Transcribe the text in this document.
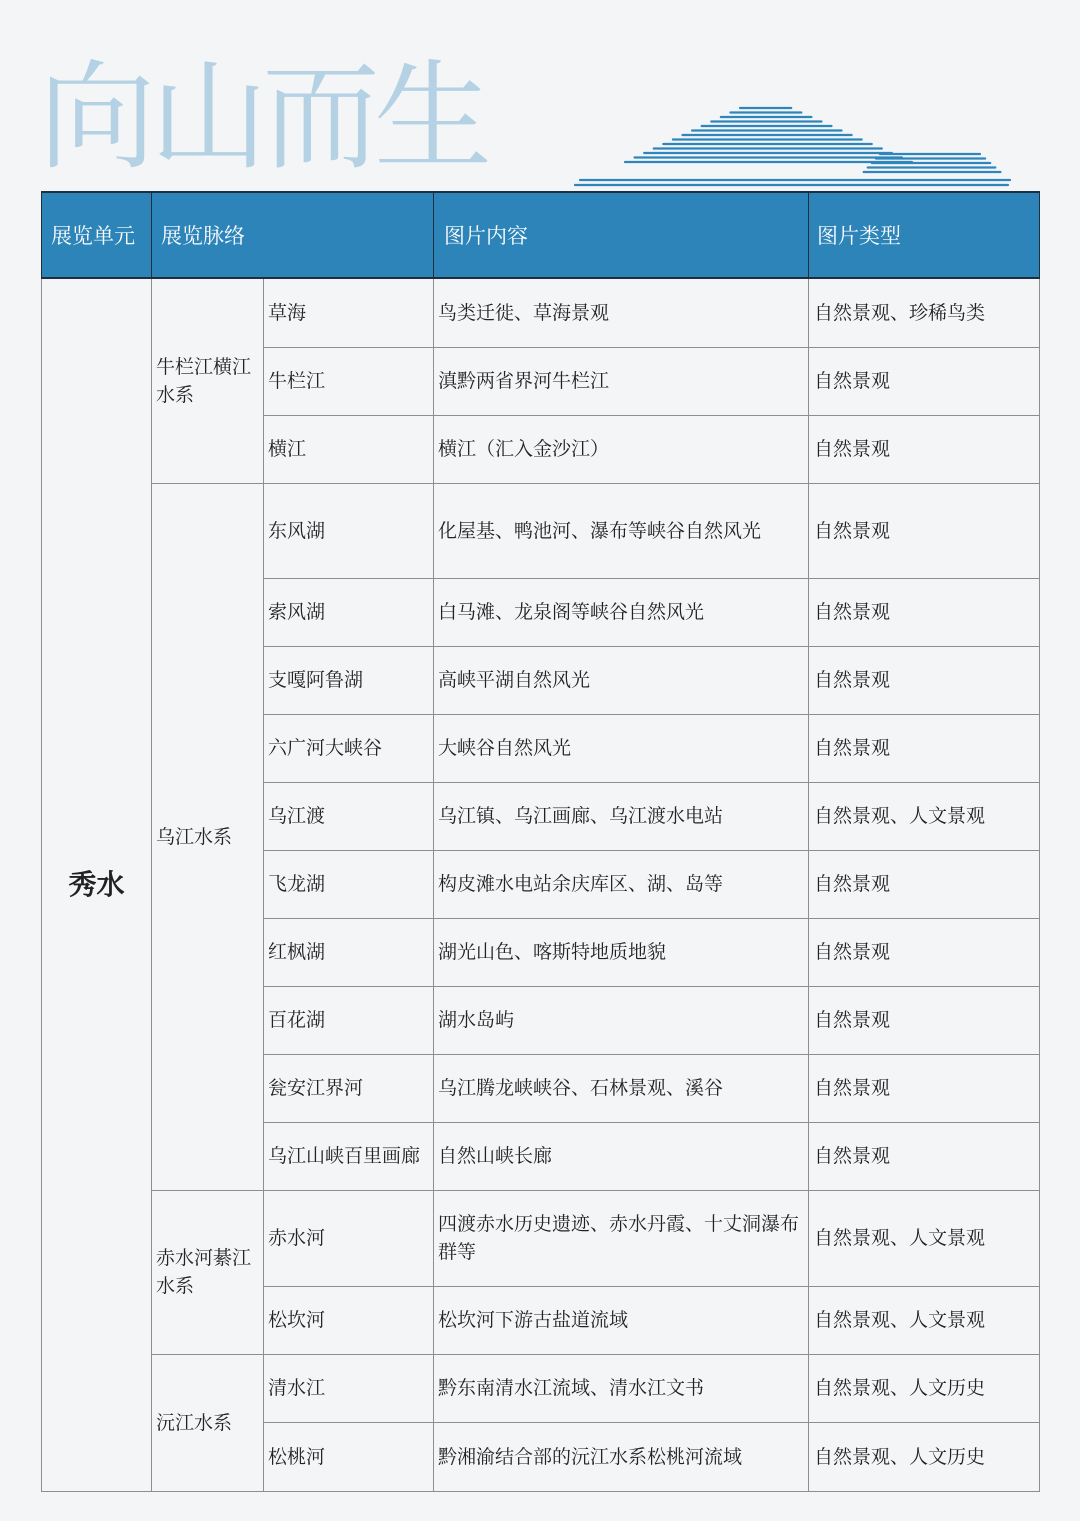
向山而生
展览单元	展览脉络		图片内容	图片类型
秀水	牛栏江横江水系	草海	鸟类迁徙、草海景观	自然景观、珍稀鸟类
		牛栏江	滇黔两省界河牛栏江	自然景观
		横江	横江（汇入金沙江）	自然景观
	乌江水系	东风湖	化屋基、鸭池河、瀑布等峡谷自然风光	自然景观
		索风湖	白马滩、龙泉阁等峡谷自然风光	自然景观
		支嘎阿鲁湖	高峡平湖自然风光	自然景观
		六广河大峡谷	大峡谷自然风光	自然景观
		乌江渡	乌江镇、乌江画廊、乌江渡水电站	自然景观、人文景观
		飞龙湖	构皮滩水电站余庆库区、湖、岛等	自然景观
		红枫湖	湖光山色、喀斯特地质地貌	自然景观
		百花湖	湖水岛屿	自然景观
		瓮安江界河	乌江腾龙峡峡谷、石林景观、溪谷	自然景观
		乌江山峡百里画廊	自然山峡长廊	自然景观
	赤水河綦江水系	赤水河	四渡赤水历史遗迹、赤水丹霞、十丈洞瀑布群等	自然景观、人文景观
		松坎河	松坎河下游古盐道流域	自然景观、人文景观
	沅江水系	清水江	黔东南清水江流域、清水江文书	自然景观、人文历史
		松桃河	黔湘渝结合部的沅江水系松桃河流域	自然景观、人文历史
